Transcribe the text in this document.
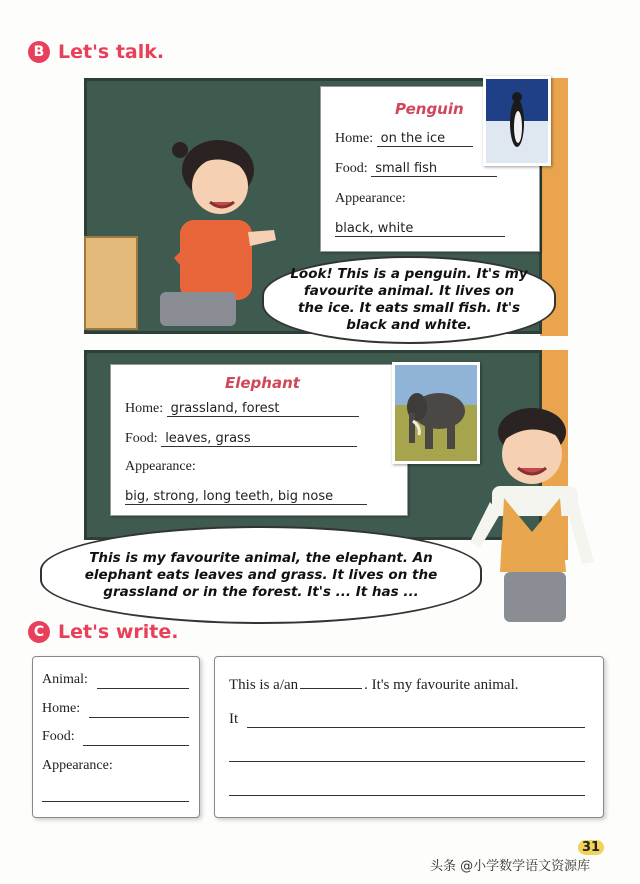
B Let's talk.
Penguin
Home: on the ice
Food: small fish
Appearance:
black, white
Look! This is a penguin. It's my favourite animal. It lives on the ice. It eats small fish. It's black and white.
Elephant
Home: grassland, forest
Food: leaves, grass
Appearance:
big, strong, long teeth, big nose
This is my favourite animal, the elephant. An elephant eats leaves and grass. It lives on the grassland or in the forest. It's ... It has ...
C Let's write.
Animal:
Home:
Food:
Appearance:
This is a/an	. It's my favourite animal.
It
31
头条 @小学数学语文资源库
